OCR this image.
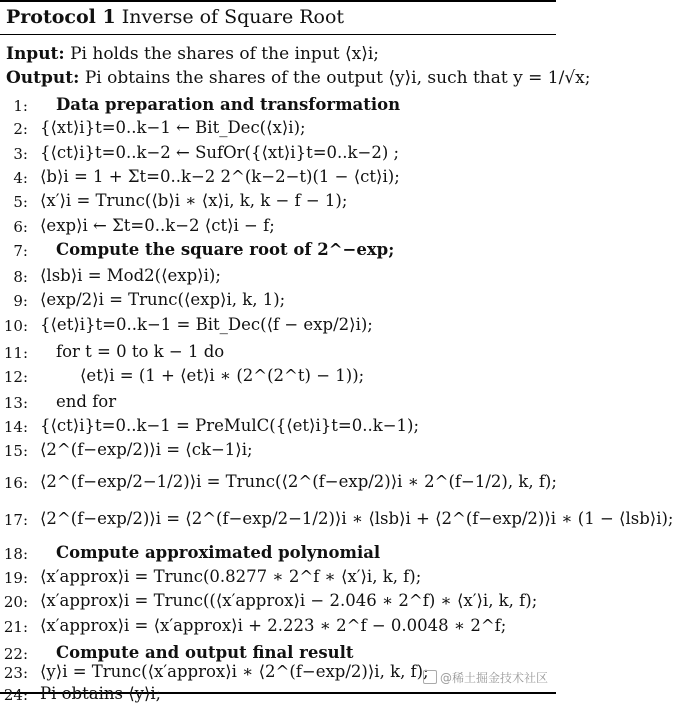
Protocol 1 Inverse of Square Root
Input: Pi holds the shares of the input ⟨x⟩i;
Output: Pi obtains the shares of the output ⟨y⟩i, such that y = 1/√x;
1: Data preparation and transformation
2: {⟨xt⟩i}t=0..k−1 ← Bit_Dec(⟨x⟩i);
3: {⟨ct⟩i}t=0..k−2 ← SufOr({⟨xt⟩i}t=0..k−2) ;
4: ⟨b⟩i = 1 + Σt=0..k−2 2^(k−2−t)(1 − ⟨ct⟩i);
5: ⟨x′⟩i = Trunc(⟨b⟩i ∗ ⟨x⟩i, k, k − f − 1);
6: ⟨exp⟩i ← Σt=0..k−2 ⟨ct⟩i − f;
7: Compute the square root of 2^−exp;
8: ⟨lsb⟩i = Mod2(⟨exp⟩i);
9: ⟨exp/2⟩i = Trunc(⟨exp⟩i, k, 1);
10: {⟨et⟩i}t=0..k−1 = Bit_Dec(⟨f − exp/2⟩i);
11: for t = 0 to k − 1 do
12:	⟨et⟩i = (1 + ⟨et⟩i ∗ (2^(2^t) − 1));
13: end for
14: {⟨ct⟩i}t=0..k−1 = PreMulC({⟨et⟩i}t=0..k−1);
15: ⟨2^(f−exp/2)⟩i = ⟨ck−1⟩i;
16: ⟨2^(f−exp/2−1/2)⟩i = Trunc(⟨2^(f−exp/2)⟩i ∗ 2^(f−1/2), k, f);
17: ⟨2^(f−exp/2)⟩i = ⟨2^(f−exp/2−1/2)⟩i ∗ ⟨lsb⟩i + ⟨2^(f−exp/2)⟩i ∗ (1 − ⟨lsb⟩i);
18: Compute approximated polynomial
19: ⟨x′approx⟩i = Trunc(0.8277 ∗ 2^f ∗ ⟨x′⟩i, k, f);
20: ⟨x′approx⟩i = Trunc((⟨x′approx⟩i − 2.046 ∗ 2^f) ∗ ⟨x′⟩i, k, f);
21: ⟨x′approx⟩i = ⟨x′approx⟩i + 2.223 ∗ 2^f − 0.0048 ∗ 2^f;
22: Compute and output final result
23: ⟨y⟩i = Trunc(⟨x′approx⟩i ∗ ⟨2^(f−exp/2)⟩i, k, f);
24: Pi obtains ⟨y⟩i;
@稀土掘金技术社区
